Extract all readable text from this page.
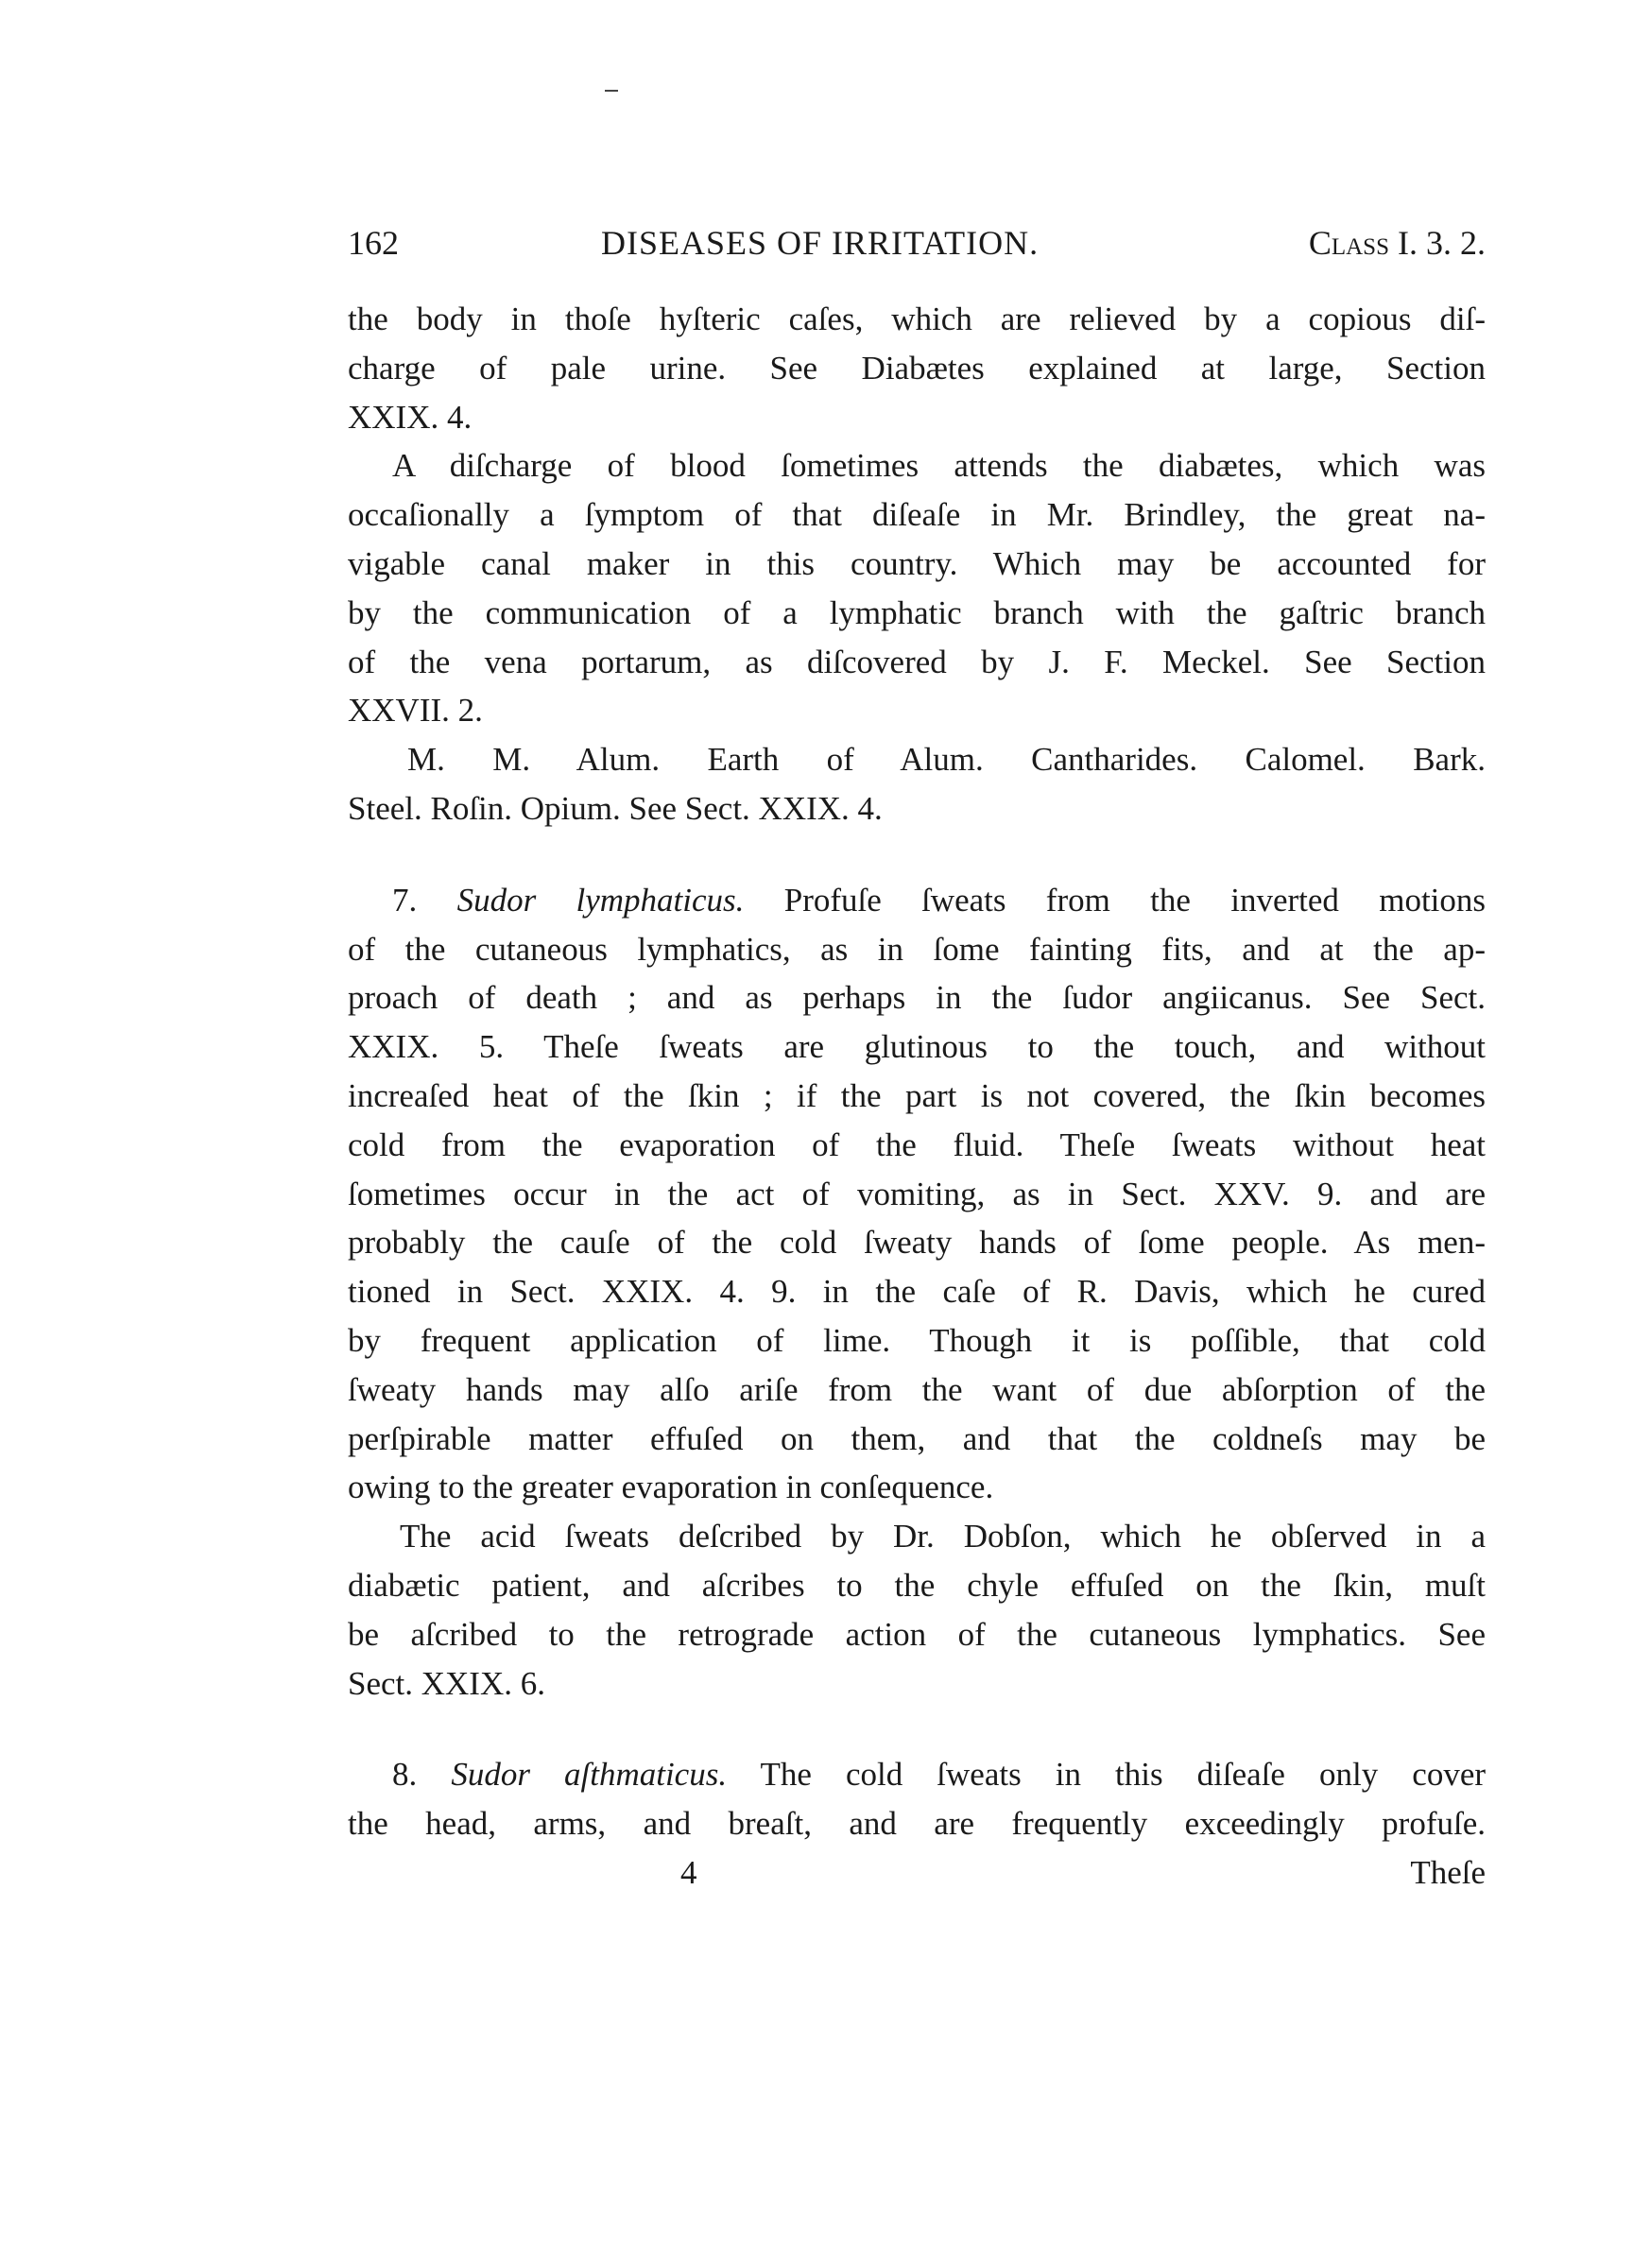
162	DISEASES OF IRRITATION.	Class I. 3. 2.
the body in thoſe hyſteric caſes, which are relieved by a copious diſ-
charge of pale urine. See Diabætes explained at large, Section
XXIX. 4.
A diſcharge of blood ſometimes attends the diabætes, which was
occaſionally a ſymptom of that diſeaſe in Mr. Brindley, the great na-
vigable canal maker in this country. Which may be accounted for
by the communication of a lymphatic branch with the gaſtric branch
of the vena portarum, as diſcovered by J. F. Meckel. See Section
XXVII. 2.
M. M. Alum. Earth of Alum. Cantharides. Calomel. Bark.
Steel. Roſin. Opium. See Sect. XXIX. 4.
7. Sudor lymphaticus. Profuſe ſweats from the inverted motions
of the cutaneous lymphatics, as in ſome fainting fits, and at the ap-
proach of death ; and as perhaps in the ſudor angiicanus. See Sect.
XXIX. 5. Theſe ſweats are glutinous to the touch, and without
increaſed heat of the ſkin ; if the part is not covered, the ſkin becomes
cold from the evaporation of the fluid. Theſe ſweats without heat
ſometimes occur in the act of vomiting, as in Sect. XXV. 9. and are
probably the cauſe of the cold ſweaty hands of ſome people. As men-
tioned in Sect. XXIX. 4. 9. in the caſe of R. Davis, which he cured
by frequent application of lime. Though it is poſſible, that cold
ſweaty hands may alſo ariſe from the want of due abſorption of the
perſpirable matter effuſed on them, and that the coldneſs may be
owing to the greater evaporation in conſequence.
The acid ſweats deſcribed by Dr. Dobſon, which he obſerved in a
diabætic patient, and aſcribes to the chyle effuſed on the ſkin, muſt
be aſcribed to the retrograde action of the cutaneous lymphatics. See
Sect. XXIX. 6.
8. Sudor aſthmaticus. The cold ſweats in this diſeaſe only cover
the head, arms, and breaſt, and are frequently exceedingly profuſe.
4	Theſe
